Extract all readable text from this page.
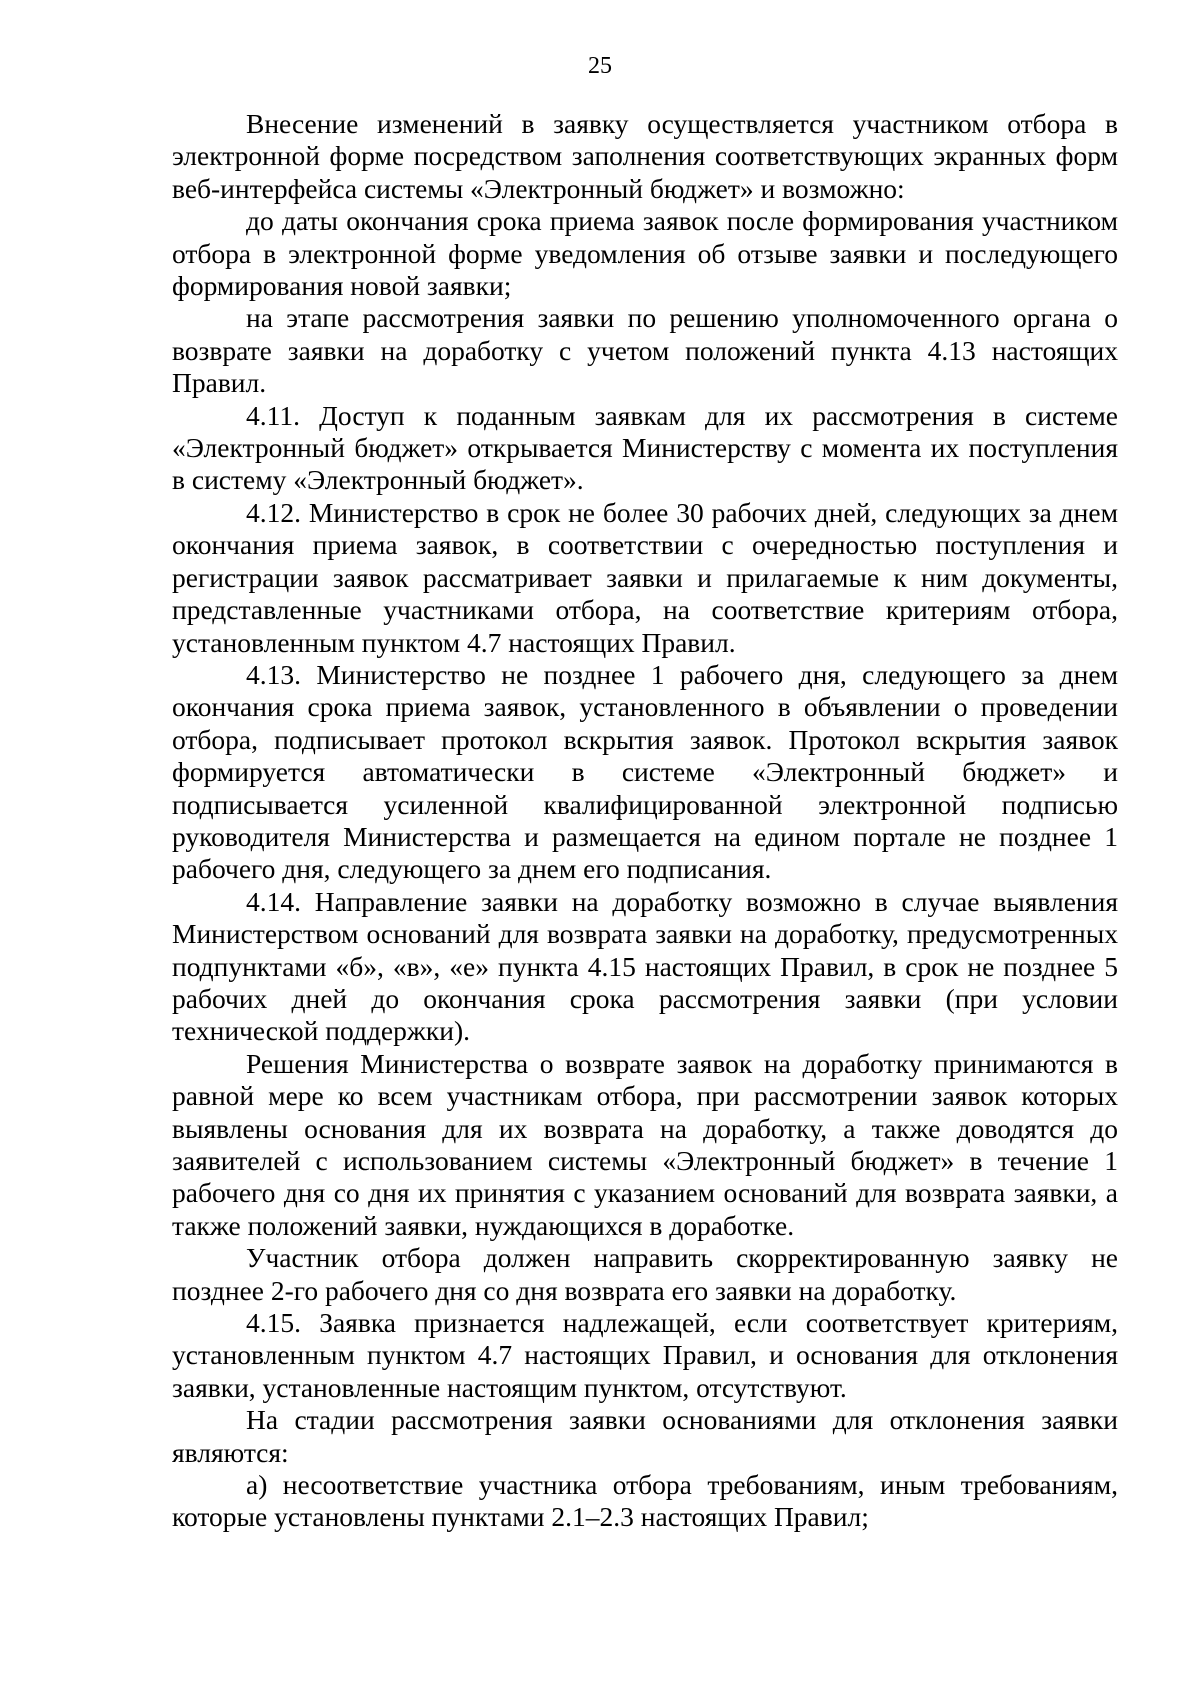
25

Внесение изменений в заявку осуществляется участником отбора в электронной форме посредством заполнения соответствующих экранных форм веб-интерфейса системы «Электронный бюджет» и возможно:

до даты окончания срока приема заявок после формирования участником отбора в электронной форме уведомления об отзыве заявки и последующего формирования новой заявки;

на этапе рассмотрения заявки по решению уполномоченного органа о возврате заявки на доработку с учетом положений пункта 4.13 настоящих Правил.

4.11. Доступ к поданным заявкам для их рассмотрения в системе «Электронный бюджет» открывается Министерству с момента их поступления в систему «Электронный бюджет».

4.12. Министерство в срок не более 30 рабочих дней, следующих за днем окончания приема заявок, в соответствии с очередностью поступления и регистрации заявок рассматривает заявки и прилагаемые к ним документы, представленные участниками отбора, на соответствие критериям отбора, установленным пунктом 4.7 настоящих Правил.

4.13. Министерство не позднее 1 рабочего дня, следующего за днем окончания срока приема заявок, установленного в объявлении о проведении отбора, подписывает протокол вскрытия заявок. Протокол вскрытия заявок формируется автоматически в системе «Электронный бюджет» и подписывается усиленной квалифицированной электронной подписью руководителя Министерства и размещается на едином портале не позднее 1 рабочего дня, следующего за днем его подписания.

4.14. Направление заявки на доработку возможно в случае выявления Министерством оснований для возврата заявки на доработку, предусмотренных подпунктами «б», «в», «е» пункта 4.15 настоящих Правил, в срок не позднее 5 рабочих дней до окончания срока рассмотрения заявки (при условии технической поддержки).

Решения Министерства о возврате заявок на доработку принимаются в равной мере ко всем участникам отбора, при рассмотрении заявок которых выявлены основания для их возврата на доработку, а также доводятся до заявителей с использованием системы «Электронный бюджет» в течение 1 рабочего дня со дня их принятия с указанием оснований для возврата заявки, а также положений заявки, нуждающихся в доработке.

Участник отбора должен направить скорректированную заявку не позднее 2-го рабочего дня со дня возврата его заявки на доработку.

4.15. Заявка признается надлежащей, если соответствует критериям, установленным пунктом 4.7 настоящих Правил, и основания для отклонения заявки, установленные настоящим пунктом, отсутствуют.

На стадии рассмотрения заявки основаниями для отклонения заявки являются:

а) несоответствие участника отбора требованиям, иным требованиям, которые установлены пунктами 2.1–2.3 настоящих Правил;
